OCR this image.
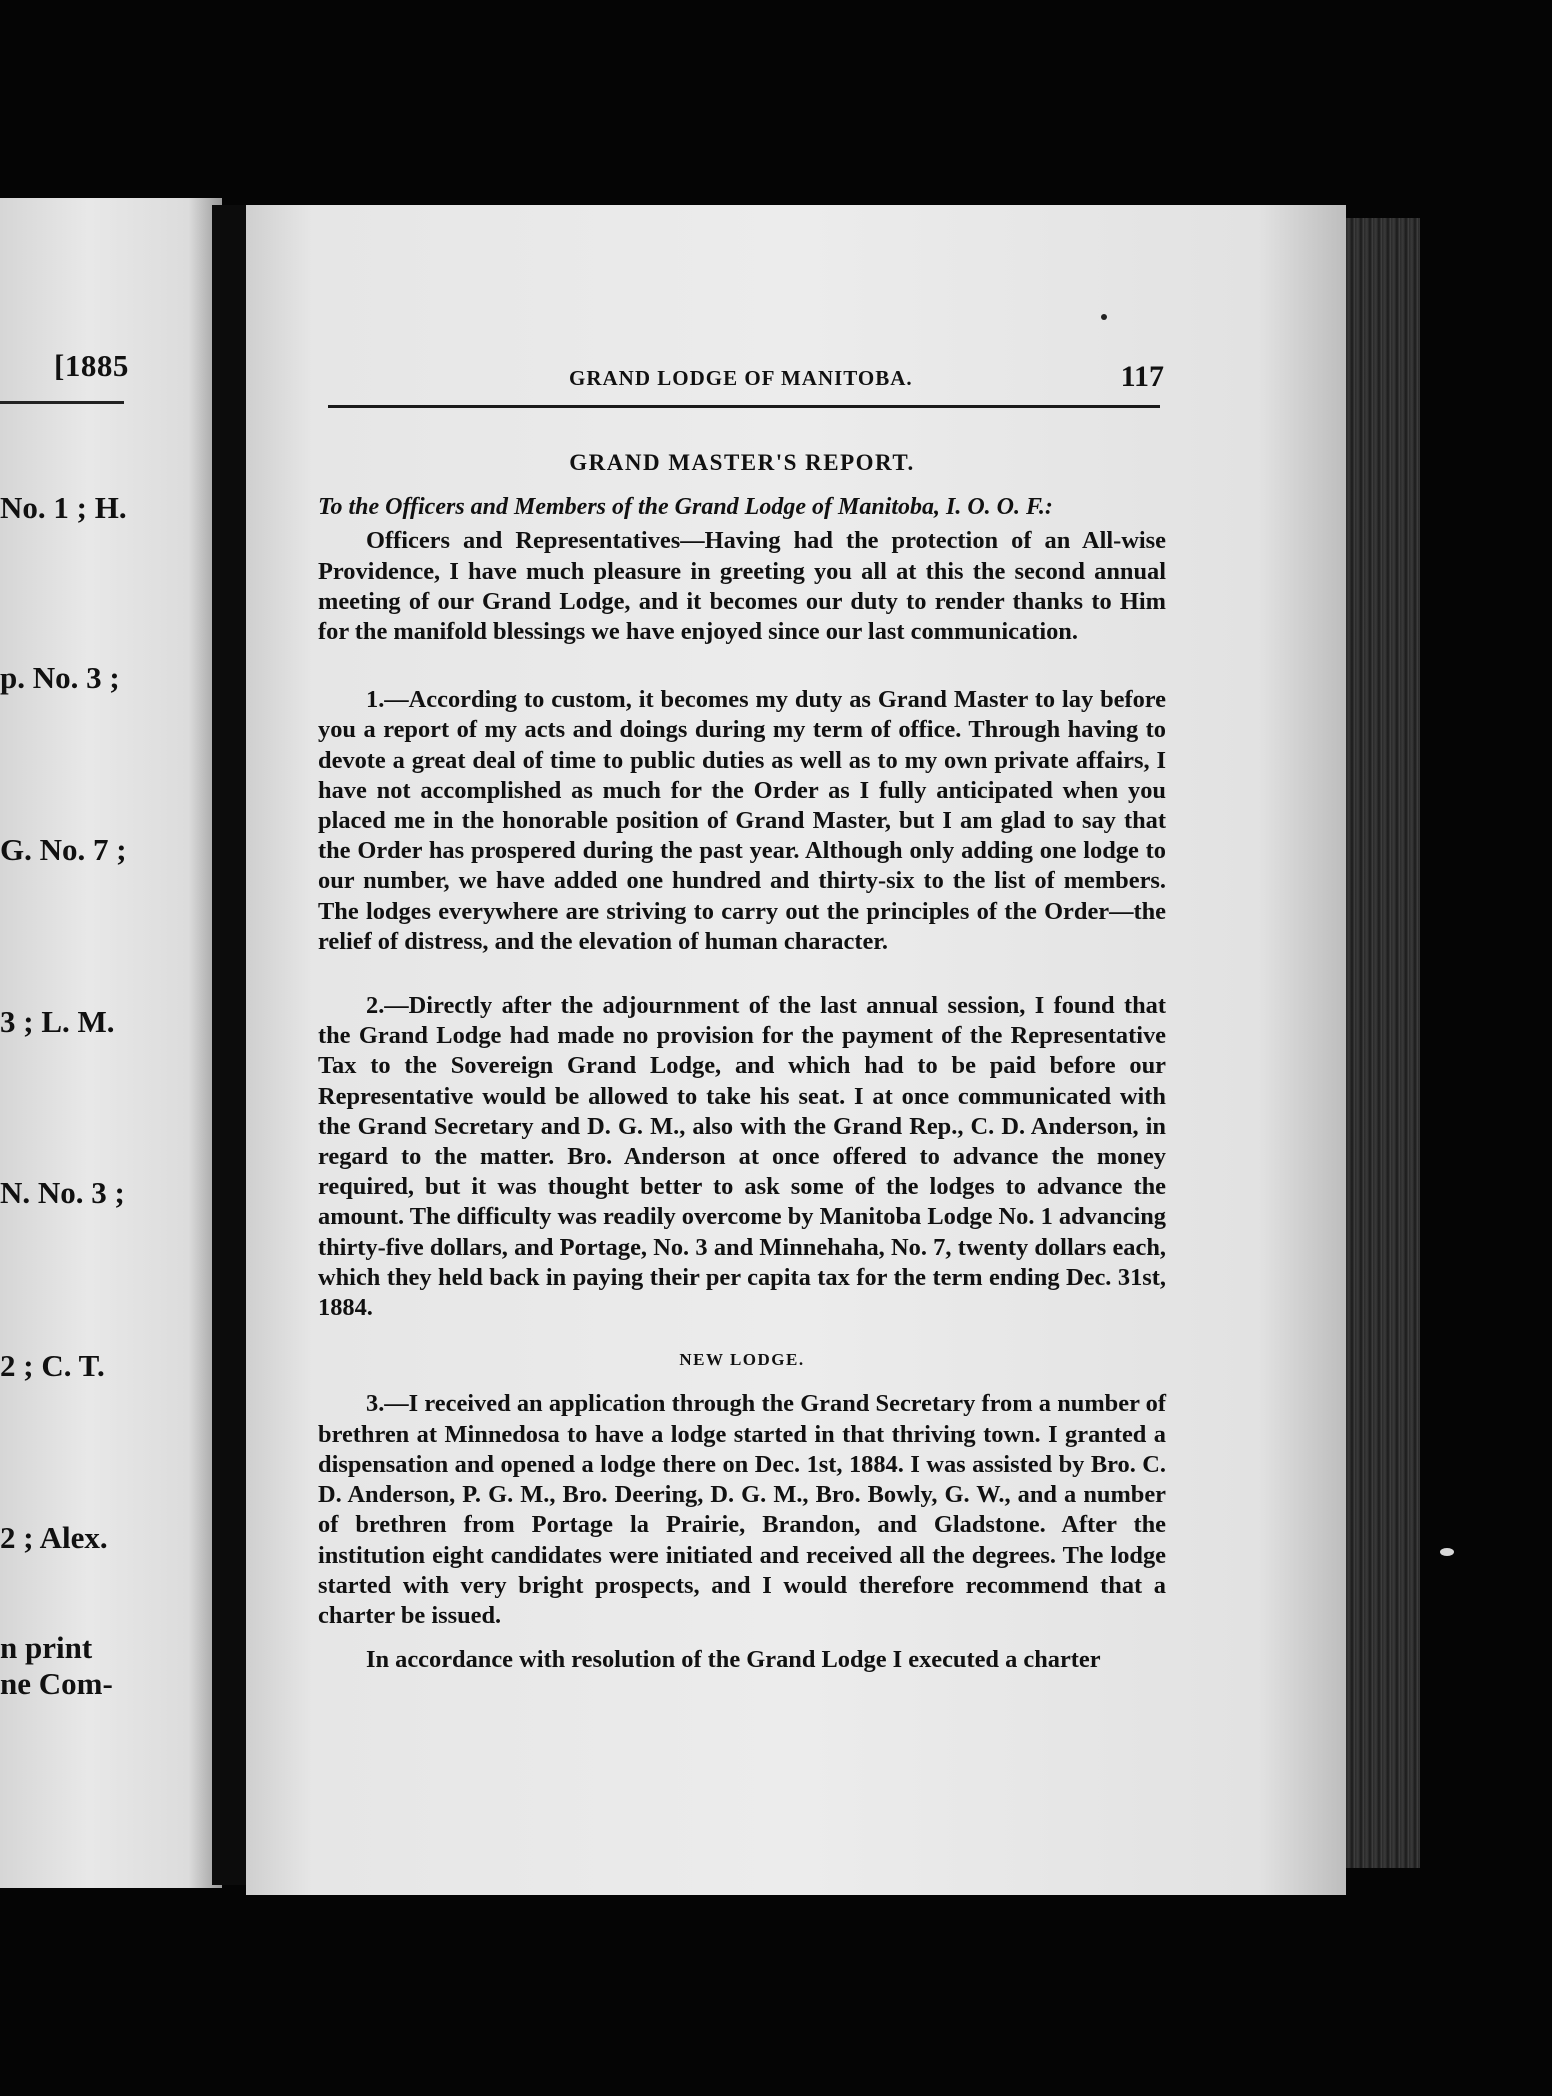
[1885
No. 1 ; H.
p. No. 3 ;
G. No. 7 ;
3 ; L. M.
N. No. 3 ;
2 ; C. T.
2 ; Alex.
n print
ne Com-
GRAND LODGE OF MANITOBA.	117
GRAND MASTER'S REPORT.
To the Officers and Members of the Grand Lodge of Manitoba, I. O. O. F.:

Officers and Representatives—Having had the protection of an All-wise Providence, I have much pleasure in greeting you all at this the second annual meeting of our Grand Lodge, and it becomes our duty to render thanks to Him for the manifold blessings we have enjoyed since our last communication.

1.—According to custom, it becomes my duty as Grand Master to lay before you a report of my acts and doings during my term of office. Through having to devote a great deal of time to public duties as well as to my own private affairs, I have not accomplished as much for the Order as I fully anticipated when you placed me in the honorable position of Grand Master, but I am glad to say that the Order has prospered during the past year. Although only adding one lodge to our number, we have added one hundred and thirty-six to the list of members. The lodges everywhere are striving to carry out the principles of the Order—the relief of distress, and the elevation of human character.

2.—Directly after the adjournment of the last annual session, I found that the Grand Lodge had made no provision for the payment of the Representative Tax to the Sovereign Grand Lodge, and which had to be paid before our Representative would be allowed to take his seat. I at once communicated with the Grand Secretary and D. G. M., also with the Grand Rep., C. D. Anderson, in regard to the matter. Bro. Anderson at once offered to advance the money required, but it was thought better to ask some of the lodges to advance the amount. The difficulty was readily overcome by Manitoba Lodge No. 1 advancing thirty-five dollars, and Portage, No. 3 and Minnehaha, No. 7, twenty dollars each, which they held back in paying their per capita tax for the term ending Dec. 31st, 1884.

NEW LODGE.

3.—I received an application through the Grand Secretary from a number of brethren at Minnedosa to have a lodge started in that thriving town. I granted a dispensation and opened a lodge there on Dec. 1st, 1884. I was assisted by Bro. C. D. Anderson, P. G. M., Bro. Deering, D. G. M., Bro. Bowly, G. W., and a number of brethren from Portage la Prairie, Brandon, and Gladstone. After the institution eight candidates were initiated and received all the degrees. The lodge started with very bright prospects, and I would therefore recommend that a charter be issued.

In accordance with resolution of the Grand Lodge I executed a charter
